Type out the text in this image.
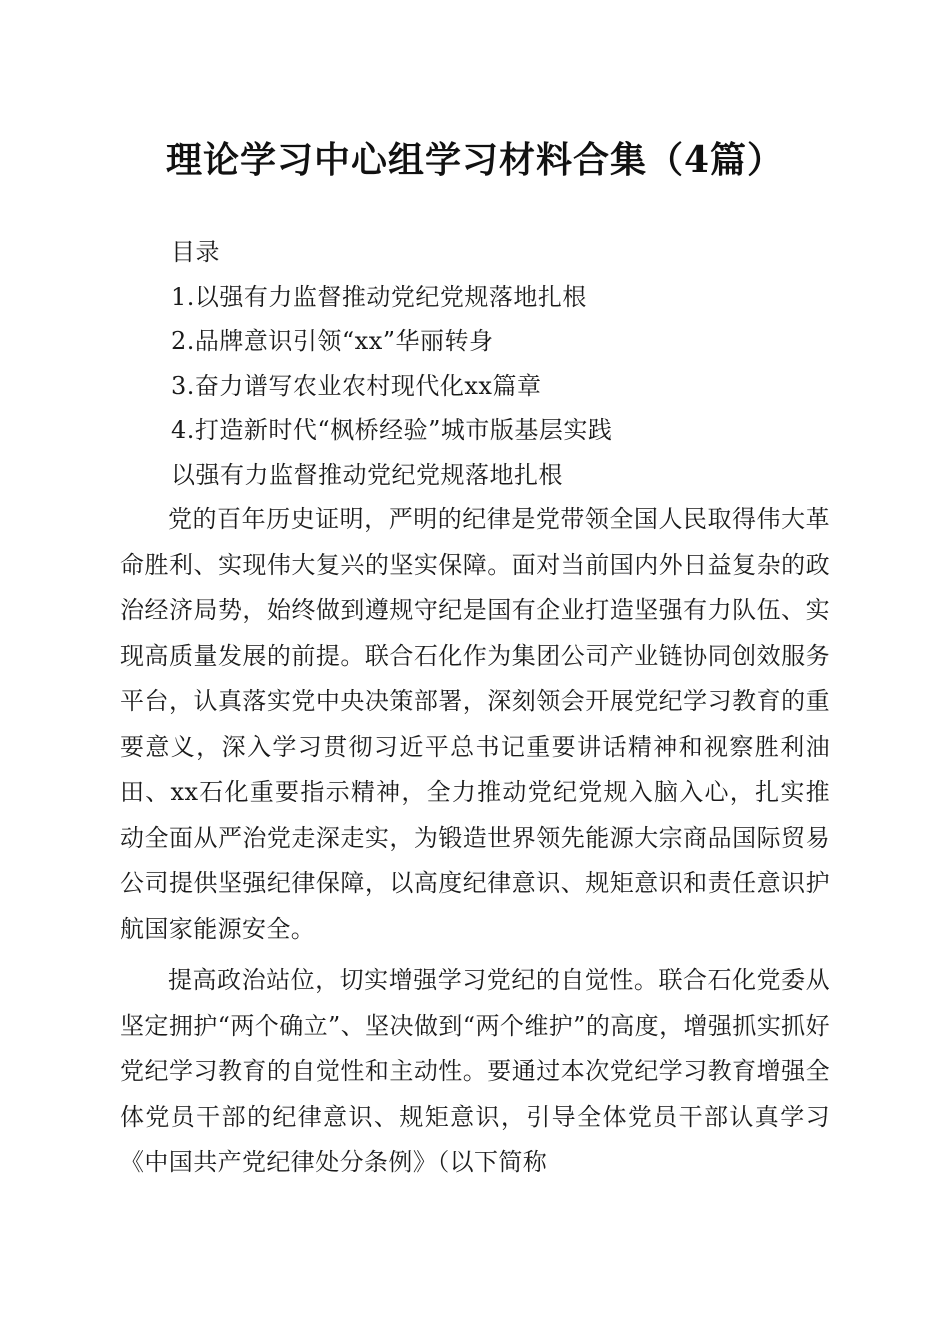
理论学习中心组学习材料合集（4篇）
目录
1.以强有力监督推动党纪党规落地扎根
2.品牌意识引领“xx”华丽转身
3.奋力谱写农业农村现代化xx篇章
4.打造新时代“枫桥经验”城市版基层实践
以强有力监督推动党纪党规落地扎根

党的百年历史证明，严明的纪律是党带领全国人民取得伟大革命胜利、实现伟大复兴的坚实保障。面对当前国内外日益复杂的政治经济局势，始终做到遵规守纪是国有企业打造坚强有力队伍、实现高质量发展的前提。联合石化作为集团公司产业链协同创效服务平台，认真落实党中央决策部署，深刻领会开展党纪学习教育的重要意义，深入学习贯彻习近平总书记重要讲话精神和视察胜利油田、xx石化重要指示精神，全力推动党纪党规入脑入心，扎实推动全面从严治党走深走实，为锻造世界领先能源大宗商品国际贸易公司提供坚强纪律保障，以高度纪律意识、规矩意识和责任意识护航国家能源安全。

提高政治站位，切实增强学习党纪的自觉性。联合石化党委从坚定拥护“两个确立”、坚决做到“两个维护”的高度，增强抓实抓好党纪学习教育的自觉性和主动性。要通过本次党纪学习教育增强全体党员干部的纪律意识、规矩意识，引导全体党员干部认真学习《中国共产党纪律处分条例》（以下简称
